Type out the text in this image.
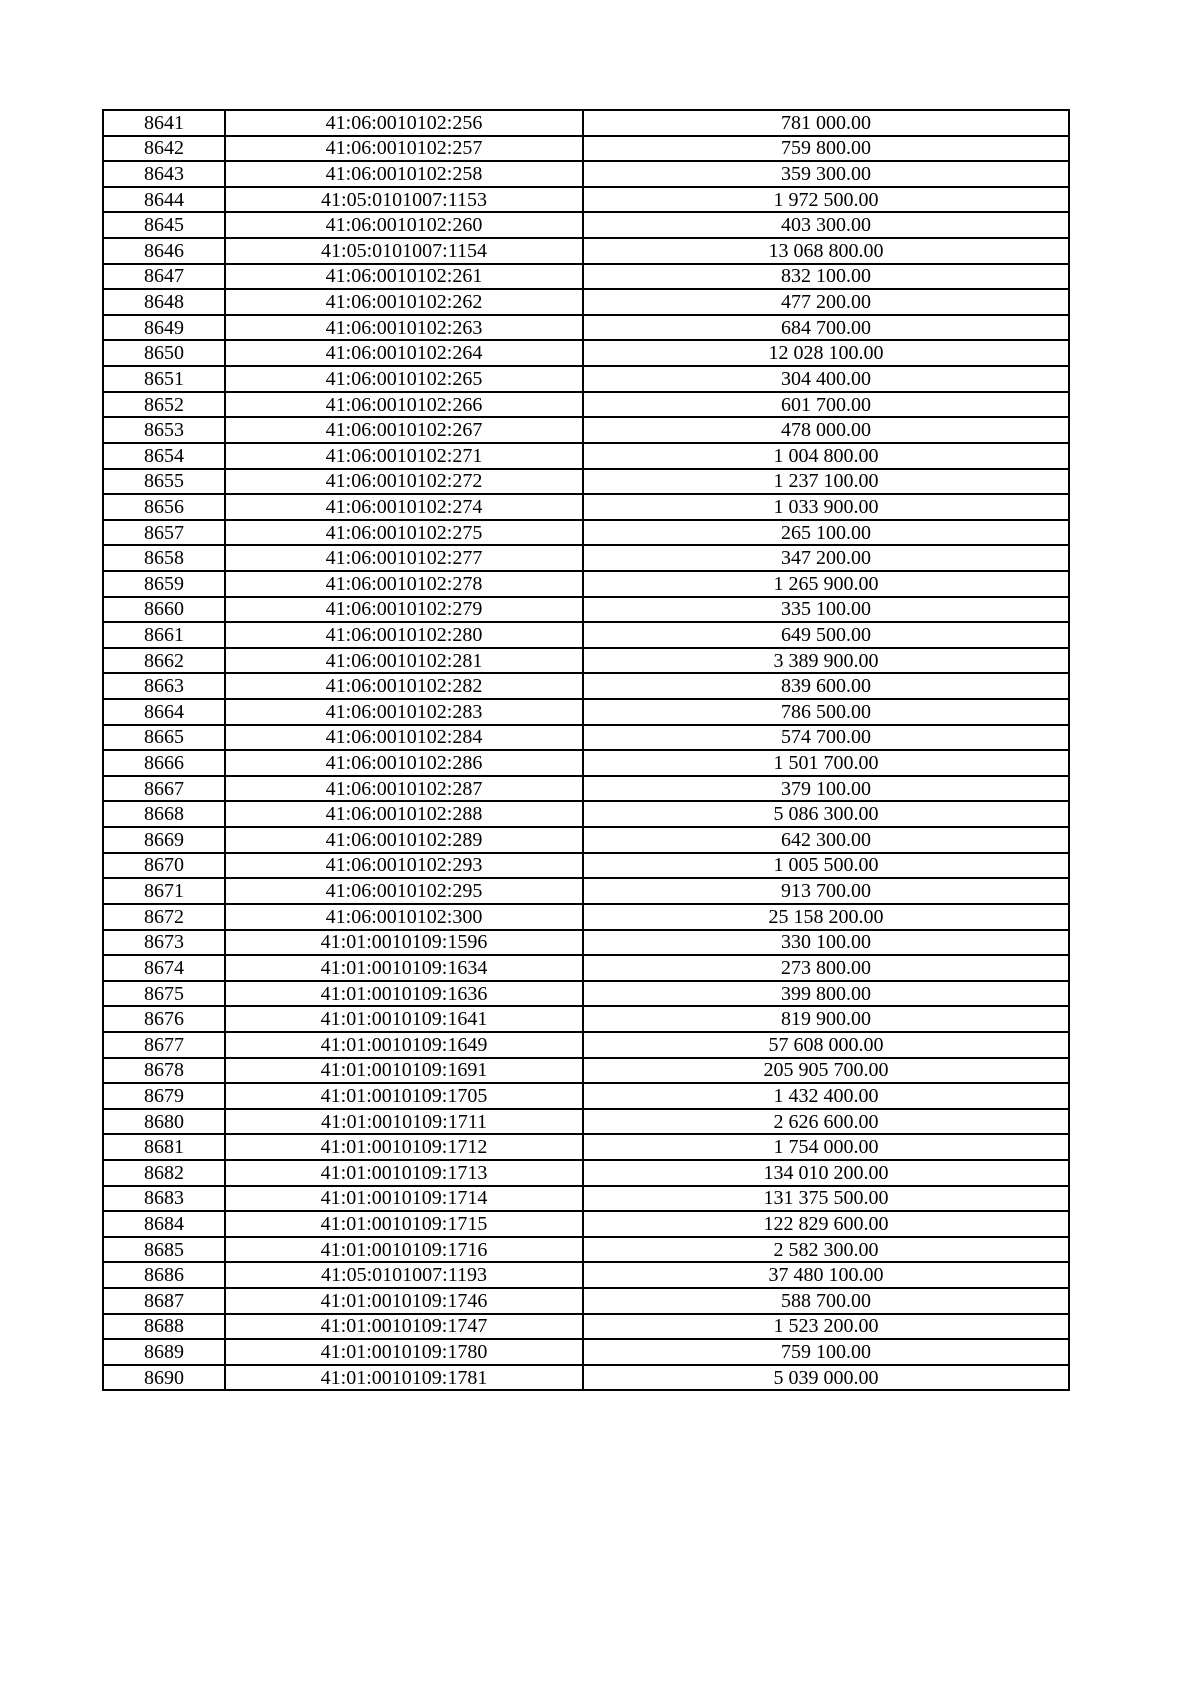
8641	41:06:0010102:256	781 000.00
8642	41:06:0010102:257	759 800.00
8643	41:06:0010102:258	359 300.00
8644	41:05:0101007:1153	1 972 500.00
8645	41:06:0010102:260	403 300.00
8646	41:05:0101007:1154	13 068 800.00
8647	41:06:0010102:261	832 100.00
8648	41:06:0010102:262	477 200.00
8649	41:06:0010102:263	684 700.00
8650	41:06:0010102:264	12 028 100.00
8651	41:06:0010102:265	304 400.00
8652	41:06:0010102:266	601 700.00
8653	41:06:0010102:267	478 000.00
8654	41:06:0010102:271	1 004 800.00
8655	41:06:0010102:272	1 237 100.00
8656	41:06:0010102:274	1 033 900.00
8657	41:06:0010102:275	265 100.00
8658	41:06:0010102:277	347 200.00
8659	41:06:0010102:278	1 265 900.00
8660	41:06:0010102:279	335 100.00
8661	41:06:0010102:280	649 500.00
8662	41:06:0010102:281	3 389 900.00
8663	41:06:0010102:282	839 600.00
8664	41:06:0010102:283	786 500.00
8665	41:06:0010102:284	574 700.00
8666	41:06:0010102:286	1 501 700.00
8667	41:06:0010102:287	379 100.00
8668	41:06:0010102:288	5 086 300.00
8669	41:06:0010102:289	642 300.00
8670	41:06:0010102:293	1 005 500.00
8671	41:06:0010102:295	913 700.00
8672	41:06:0010102:300	25 158 200.00
8673	41:01:0010109:1596	330 100.00
8674	41:01:0010109:1634	273 800.00
8675	41:01:0010109:1636	399 800.00
8676	41:01:0010109:1641	819 900.00
8677	41:01:0010109:1649	57 608 000.00
8678	41:01:0010109:1691	205 905 700.00
8679	41:01:0010109:1705	1 432 400.00
8680	41:01:0010109:1711	2 626 600.00
8681	41:01:0010109:1712	1 754 000.00
8682	41:01:0010109:1713	134 010 200.00
8683	41:01:0010109:1714	131 375 500.00
8684	41:01:0010109:1715	122 829 600.00
8685	41:01:0010109:1716	2 582 300.00
8686	41:05:0101007:1193	37 480 100.00
8687	41:01:0010109:1746	588 700.00
8688	41:01:0010109:1747	1 523 200.00
8689	41:01:0010109:1780	759 100.00
8690	41:01:0010109:1781	5 039 000.00
